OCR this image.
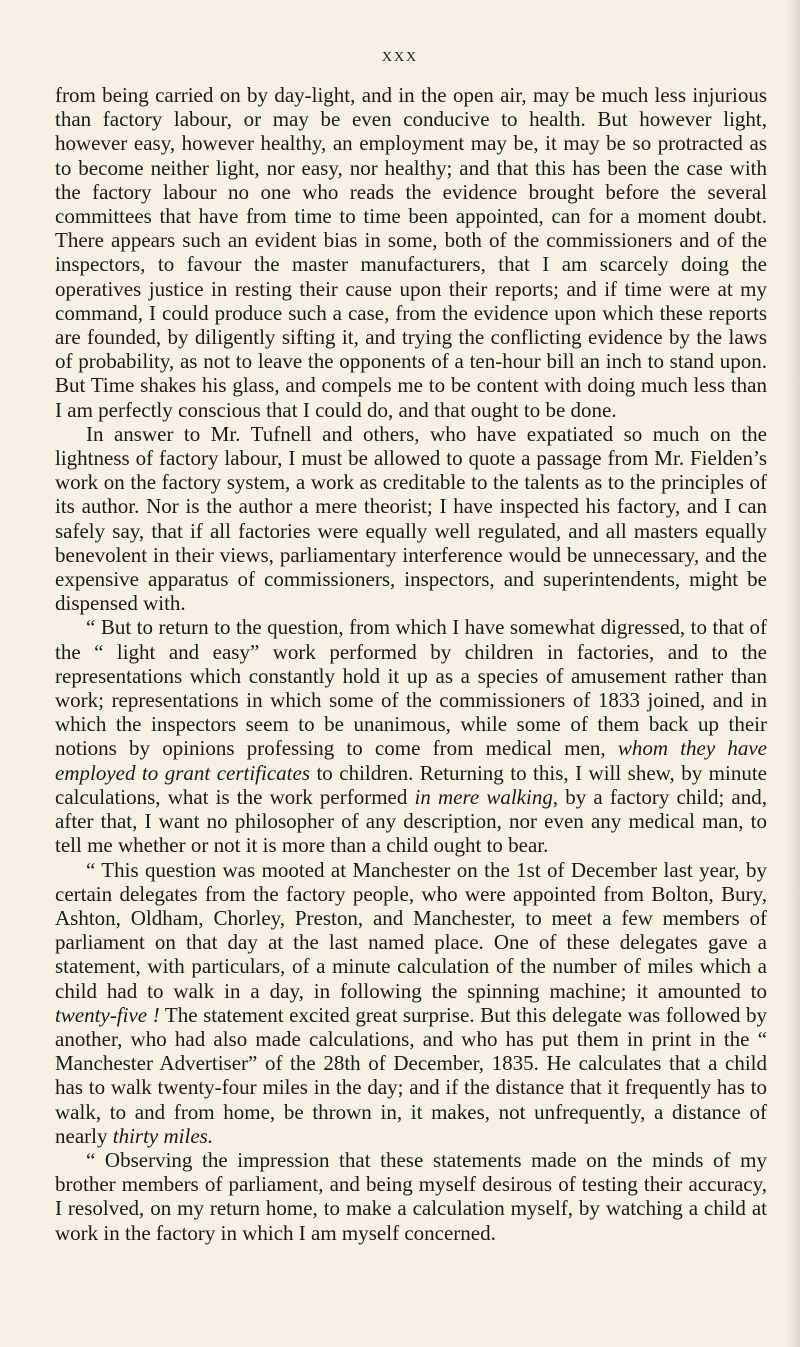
XXX

from being carried on by day-light, and in the open air, may be much less injurious than factory labour, or may be even conducive to health. But however light, however easy, however healthy, an employment may be, it may be so protracted as to become neither light, nor easy, nor healthy; and that this has been the case with the factory labour no one who reads the evidence brought before the several committees that have from time to time been appointed, can for a moment doubt. There appears such an evident bias in some, both of the commissioners and of the inspectors, to favour the master manufacturers, that I am scarcely doing the operatives justice in resting their cause upon their reports; and if time were at my command, I could produce such a case, from the evidence upon which these reports are founded, by diligently sifting it, and trying the conflicting evidence by the laws of probability, as not to leave the opponents of a ten-hour bill an inch to stand upon. But Time shakes his glass, and compels me to be content with doing much less than I am perfectly conscious that I could do, and that ought to be done.

In answer to Mr. Tufnell and others, who have expatiated so much on the lightness of factory labour, I must be allowed to quote a passage from Mr. Fielden’s work on the factory system, a work as creditable to the talents as to the principles of its author. Nor is the author a mere theorist; I have inspected his factory, and I can safely say, that if all factories were equally well regulated, and all masters equally benevolent in their views, parliamentary interference would be unnecessary, and the expensive apparatus of commissioners, inspectors, and superintendents, might be dispensed with.

“ But to return to the question, from which I have somewhat digressed, to that of the “ light and easy” work performed by children in factories, and to the representations which constantly hold it up as a species of amusement rather than work; representations in which some of the commissioners of 1833 joined, and in which the inspectors seem to be unanimous, while some of them back up their notions by opinions professing to come from medical men, whom they have employed to grant certificates to children. Returning to this, I will shew, by minute calculations, what is the work performed in mere walking, by a factory child; and, after that, I want no philosopher of any description, nor even any medical man, to tell me whether or not it is more than a child ought to bear.

“ This question was mooted at Manchester on the 1st of December last year, by certain delegates from the factory people, who were appointed from Bolton, Bury, Ashton, Oldham, Chorley, Preston, and Manchester, to meet a few members of parliament on that day at the last named place. One of these delegates gave a statement, with particulars, of a minute calculation of the number of miles which a child had to walk in a day, in following the spinning machine; it amounted to twenty-five ! The statement excited great surprise. But this delegate was followed by another, who had also made calculations, and who has put them in print in the “ Manchester Advertiser” of the 28th of December, 1835. He calculates that a child has to walk twenty-four miles in the day; and if the distance that it frequently has to walk, to and from home, be thrown in, it makes, not unfrequently, a distance of nearly thirty miles.

“ Observing the impression that these statements made on the minds of my brother members of parliament, and being myself desirous of testing their accuracy, I resolved, on my return home, to make a calculation myself, by watching a child at work in the factory in which I am myself concerned.
